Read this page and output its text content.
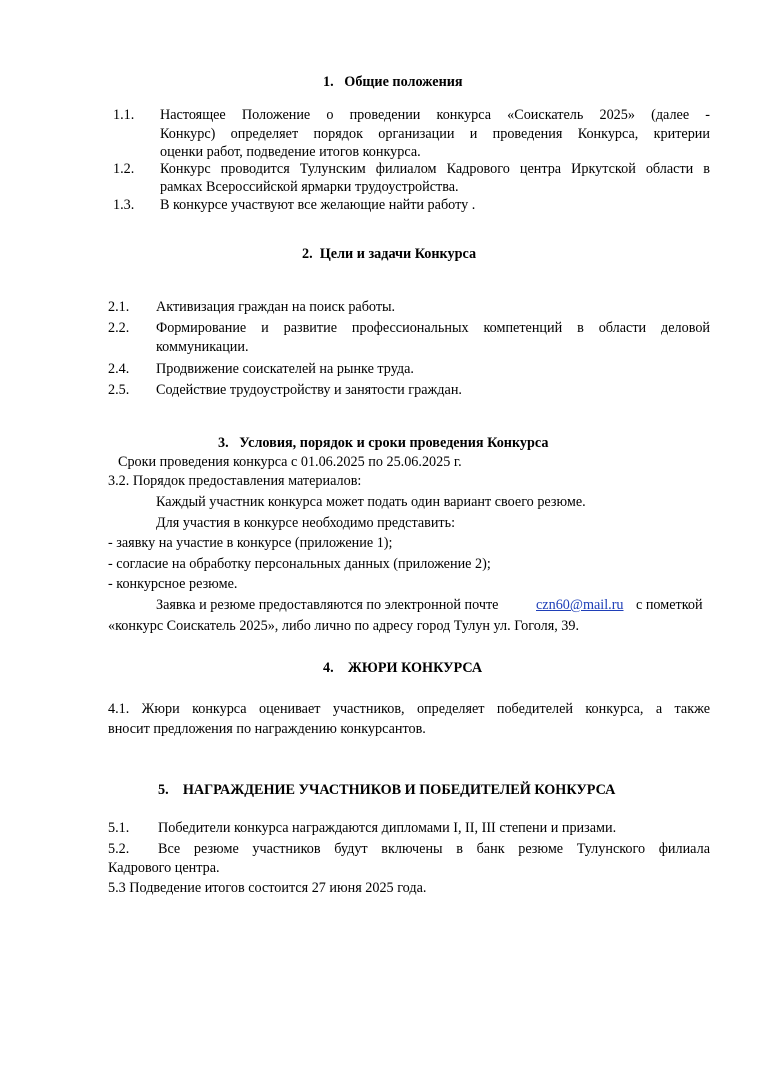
1. Общие положения
1.1. Настоящее Положение о проведении конкурса «Соискатель 2025» (далее -
Конкурс) определяет порядок организации и проведения Конкурса, критерии
оценки работ, подведение итогов конкурса.
1.2. Конкурс проводится Тулунским филиалом Кадрового центра Иркутской области в
рамках Всероссийской ярмарки трудоустройства.
1.3. В конкурсе участвуют все желающие найти работу .
2. Цели и задачи Конкурса
2.1. Активизация граждан на поиск работы.
2.2. Формирование и развитие профессиональных компетенций в области деловой
коммуникации.
2.4. Продвижение соискателей на рынке труда.
2.5. Содействие трудоустройству и занятости граждан.
3. Условия, порядок и сроки проведения Конкурса
Сроки проведения конкурса с 01.06.2025 по 25.06.2025 г.
3.2. Порядок предоставления материалов:
Каждый участник конкурса может подать один вариант своего резюме.
Для участия в конкурсе необходимо представить:
- заявку на участие в конкурсе (приложение 1);
- согласие на обработку персональных данных (приложение 2);
- конкурсное резюме.
Заявка и резюме предоставляются по электронной почте	czn60@mail.ru с пометкой
«конкурс Соискатель 2025», либо лично по адресу город Тулун ул. Гоголя, 39.
4. ЖЮРИ КОНКУРСА
4.1. Жюри конкурса оценивает участников, определяет победителей конкурса, а также
вносит предложения по награждению конкурсантов.
5. НАГРАЖДЕНИЕ УЧАСТНИКОВ И ПОБЕДИТЕЛЕЙ КОНКУРСА
5.1. Победители конкурса награждаются дипломами I, II, III степени и призами.
5.2. Все резюме участников будут включены в банк резюме Тулунского филиала
Кадрового центра.
5.3 Подведение итогов состоится 27 июня 2025 года.
